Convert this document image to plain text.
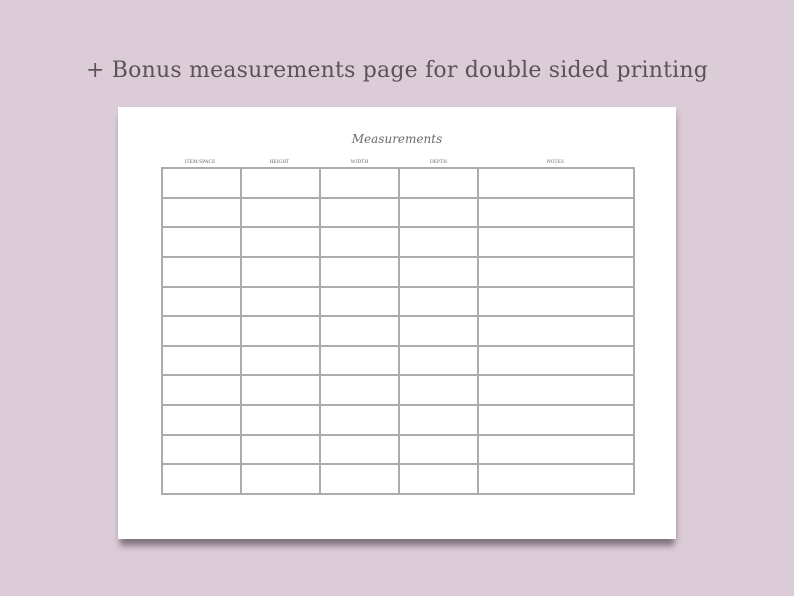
+ Bonus measurements page for double sided printing
Measurements
ITEM/SPACE	HEIGHT	WIDTH	DEPTH	NOTES
